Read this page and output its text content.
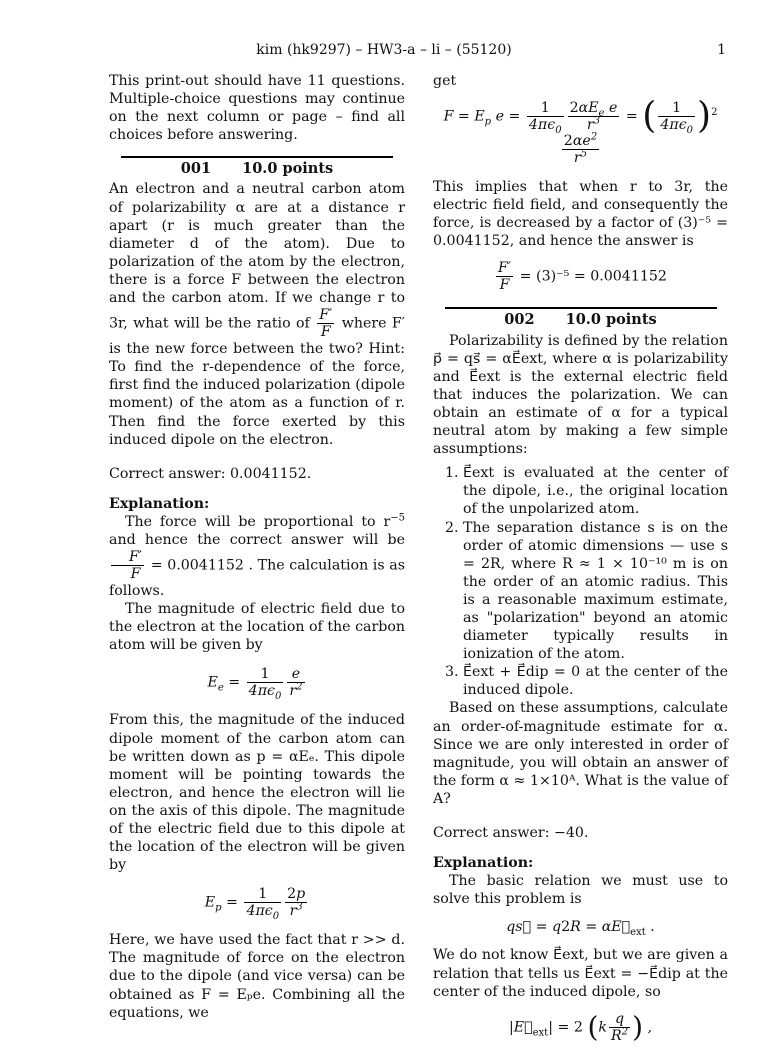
kim (hk9297) – HW3-a – li – (55120)	1

This print-out should have 11 questions. Multiple-choice questions may continue on the next column or page – find all choices before answering.

001 10.0 points

An electron and a neutral carbon atom of polarizability α are at a distance r apart (r is much greater than the diameter d of the atom). Due to polarization of the atom by the electron, there is a force F between the electron and the carbon atom. If we change r to 3r, what will be the ratio of $\frac{F'}{F}$ where F′ is the new force between the two? Hint: To find the r-dependence of the force, first find the induced polarization (dipole moment) of the atom as a function of r. Then find the force exerted by this induced dipole on the electron.

Correct answer: 0.0041152.

Explanation:

The force will be proportional to $r^{-5}$ and hence the correct answer will be
$\frac{F'}{F} = 0.0041152$ . The calculation is as follows.

The magnitude of electric field due to the electron at the location of the carbon atom will be given by

$E_e = \frac{1}{4\pi\epsilon_0} \frac{e}{r^2}$

From this, the magnitude of the induced dipole moment of the carbon atom can be written down as p = αEₑ. This dipole moment will be pointing towards the electron, and hence the electron will lie on the axis of this dipole. The magnitude of the electric field due to this dipole at the location of the electron will be given by

$E_p = \frac{1}{4\pi\epsilon_0} \frac{2p}{r^3}$

Here, we have used the fact that r >> d. The magnitude of force on the electron due to the dipole (and vice versa) can be obtained as F = Eₚe. Combining all the equations, we

get

$F = E_p$ $e = \frac{1}{4\pi\epsilon_0} \frac{2\alpha E_e e}{r^3}$ = ( $\frac{1}{4\pi\epsilon_0} )^2$
$\frac{2\alpha e^2}{r^5}$

This implies that when r to 3r, the electric field field, and consequently the force, is decreased by a factor of (3)⁻⁵ = 0.0041152, and hence the answer is

$\frac{F'}{F} = (3)^{-5} = 0.0041152$
002 10.0 points

Polarizability is defined by the relation p⃗ = qs⃗ = αE⃗ext, where α is polarizability and E⃗ext is the external electric field that induces the polarization. We can obtain an estimate of α for a typical neutral atom by making a few simple assumptions:

1. E⃗ext is evaluated at the center of the dipole, i.e., the original location of the unpolarized atom.
2. The separation distance s is on the order of atomic dimensions — use s = 2R, where R ≈ 1 × 10⁻¹⁰ m is on the order of an atomic radius. This is a reasonable maximum estimate, as "polarization" beyond an atomic diameter typically results in ionization of the atom.
3. E⃗ext + E⃗dip = 0 at the center of the induced dipole.

Based on these assumptions, calculate an order-of-magnitude estimate for α. Since we are only interested in order of magnitude, you will obtain an answer of the form α ≈ 1×10ᴬ. What is the value of A?

Correct answer: −40.

Explanation:

The basic relation we must use to solve this problem is

qs⃗ = $q2R = \alpha E⃗_{ext}$ .

We do not know E⃗ext, but we are given a relation that tells us E⃗ext = −E⃗dip at the center of the induced dipole, so

$|E⃗_{ext}| = 2$ ($k \frac{q}{R^2}$ ) ,
